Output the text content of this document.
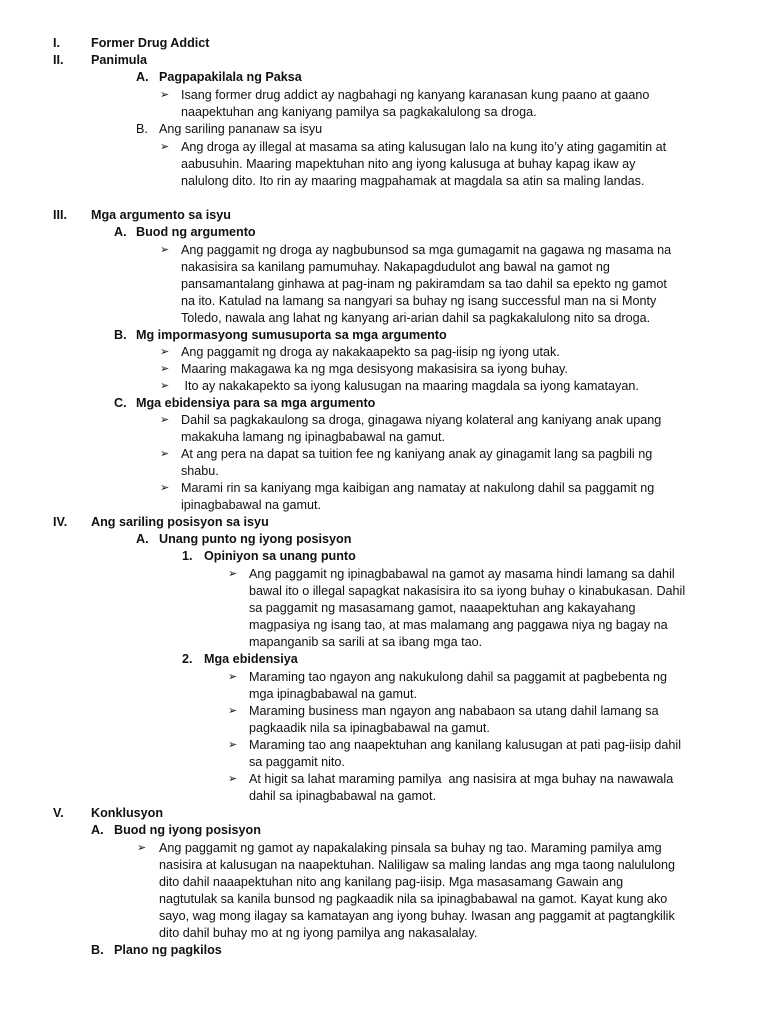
I. Former Drug Addict
II. Panimula
A. Pagpapakilala ng Paksa
➢ Isang former drug addict ay nagbahagi ng kanyang karanasan kung paano at gaano
naapektuhan ang kaniyang pamilya sa pagkakalulong sa droga.
B. Ang sariling pananaw sa isyu
➢ Ang droga ay illegal at masama sa ating kalusugan lalo na kung ito’y ating gagamitin at
aabusuhin. Maaring mapektuhan nito ang iyong kalusuga at buhay kapag ikaw ay
nalulong dito. Ito rin ay maaring magpahamak at magdala sa atin sa maling landas.
III. Mga argumento sa isyu
A. Buod ng argumento
➢ Ang paggamit ng droga ay nagbubunsod sa mga gumagamit na gagawa ng masama na
nakasisira sa kanilang pamumuhay. Nakapagdudulot ang bawal na gamot ng
pansamantalang ginhawa at pag-inam ng pakiramdam sa tao dahil sa epekto ng gamot
na ito. Katulad na lamang sa nangyari sa buhay ng isang successful man na si Monty
Toledo, nawala ang lahat ng kanyang ari-arian dahil sa pagkakalulong nito sa droga.
B. Mg impormasyong sumusuporta sa mga argumento
➢ Ang paggamit ng droga ay nakakaapekto sa pag-iisip ng iyong utak.
➢ Maaring makagawa ka ng mga desisyong makasisira sa iyong buhay.
➢ Ito ay nakakapekto sa iyong kalusugan na maaring magdala sa iyong kamatayan.
C. Mga ebidensiya para sa mga argumento
➢ Dahil sa pagkakaulong sa droga, ginagawa niyang kolateral ang kaniyang anak upang
makakuha lamang ng ipinagbabawal na gamut.
➢ At ang pera na dapat sa tuition fee ng kaniyang anak ay ginagamit lang sa pagbili ng
shabu.
➢ Marami rin sa kaniyang mga kaibigan ang namatay at nakulong dahil sa paggamit ng
ipinagbabawal na gamut.
IV. Ang sariling posisyon sa isyu
A. Unang punto ng iyong posisyon
1. Opiniyon sa unang punto
➢ Ang paggamit ng ipinagbabawal na gamot ay masama hindi lamang sa dahil
bawal ito o illegal sapagkat nakasisira ito sa iyong buhay o kinabukasan. Dahil
sa paggamit ng masasamang gamot, naaapektuhan ang kakayahang
magpasiya ng isang tao, at mas malamang ang paggawa niya ng bagay na
mapanganib sa sarili at sa ibang mga tao.
2. Mga ebidensiya
➢ Maraming tao ngayon ang nakukulong dahil sa paggamit at pagbebenta ng
mga ipinagbabawal na gamut.
➢ Maraming business man ngayon ang nababaon sa utang dahil lamang sa
pagkaadik nila sa ipinagbabawal na gamut.
➢ Maraming tao ang naapektuhan ang kanilang kalusugan at pati pag-iisip dahil
sa paggamit nito.
➢ At higit sa lahat maraming pamilya  ang nasisira at mga buhay na nawawala
dahil sa ipinagbabawal na gamot.
V. Konklusyon
A. Buod ng iyong posisyon
➢ Ang paggamit ng gamot ay napakalaking pinsala sa buhay ng tao. Maraming pamilya amg
nasisira at kalusugan na naapektuhan. Naliligaw sa maling landas ang mga taong nalululong
dito dahil naaapektuhan nito ang kanilang pag-iisip. Mga masasamang Gawain ang
nagtutulak sa kanila bunsod ng pagkaadik nila sa ipinagbabawal na gamot. Kayat kung ako
sayo, wag mong ilagay sa kamatayan ang iyong buhay. Iwasan ang paggamit at pagtangkilik
dito dahil buhay mo at ng iyong pamilya ang nakasalalay.
B. Plano ng pagkilos
